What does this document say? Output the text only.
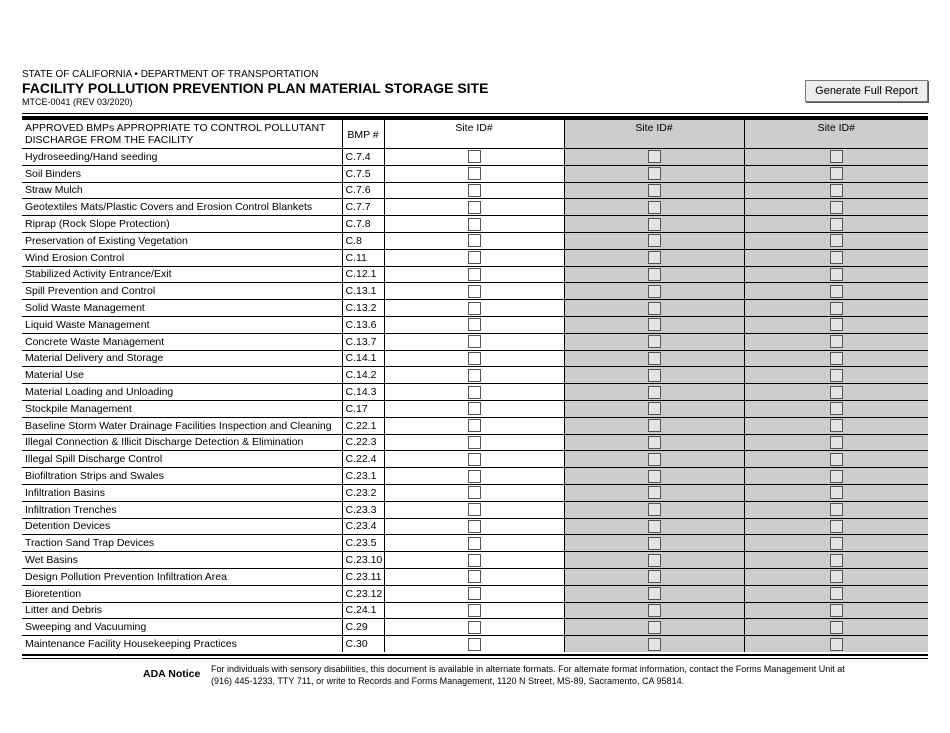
STATE OF CALIFORNIA • DEPARTMENT OF TRANSPORTATION
FACILITY POLLUTION PREVENTION PLAN MATERIAL STORAGE SITE
MTCE-0041 (REV 03/2020)
Generate Full Report
APPROVED BMPs APPROPRIATE TO CONTROL POLLUTANT DISCHARGE FROM THE FACILITY	BMP #	Site ID#	Site ID#	Site ID#
Hydroseeding/Hand seeding	C.7.4			
Soil Binders	C.7.5			
Straw Mulch	C.7.6			
Geotextiles Mats/Plastic Covers and Erosion Control Blankets	C.7.7			
Riprap (Rock Slope Protection)	C.7.8			
Preservation of Existing Vegetation	C.8			
Wind Erosion Control	C.11			
Stabilized Activity Entrance/Exit	C.12.1			
Spill Prevention and Control	C.13.1			
Solid Waste Management	C.13.2			
Liquid Waste Management	C.13.6			
Concrete Waste Management	C.13.7			
Material Delivery and Storage	C.14.1			
Material Use	C.14.2			
Material Loading and Unloading	C.14.3			
Stockpile Management	C.17			
Baseline Storm Water Drainage Facilities Inspection and Cleaning	C.22.1			
Illegal Connection & Illicit Discharge Detection & Elimination	C.22.3			
Illegal Spill Discharge Control	C.22.4			
Biofiltration Strips and Swales	C.23.1			
Infiltration Basins	C.23.2			
Infiltration Trenches	C.23.3			
Detention Devices	C.23.4			
Traction Sand Trap Devices	C.23.5			
Wet Basins	C.23.10			
Design Pollution Prevention Infiltration Area	C.23.11			
Bioretention	C.23.12			
Litter and Debris	C.24.1			
Sweeping and Vacuuming	C.29			
Maintenance Facility Housekeeping Practices	C.30			
ADA Notice For individuals with sensory disabilities, this document is available in alternate formats. For alternate format information, contact the Forms Management Unit at (916) 445-1233, TTY 711, or write to Records and Forms Management, 1120 N Street, MS-89, Sacramento, CA 95814.
